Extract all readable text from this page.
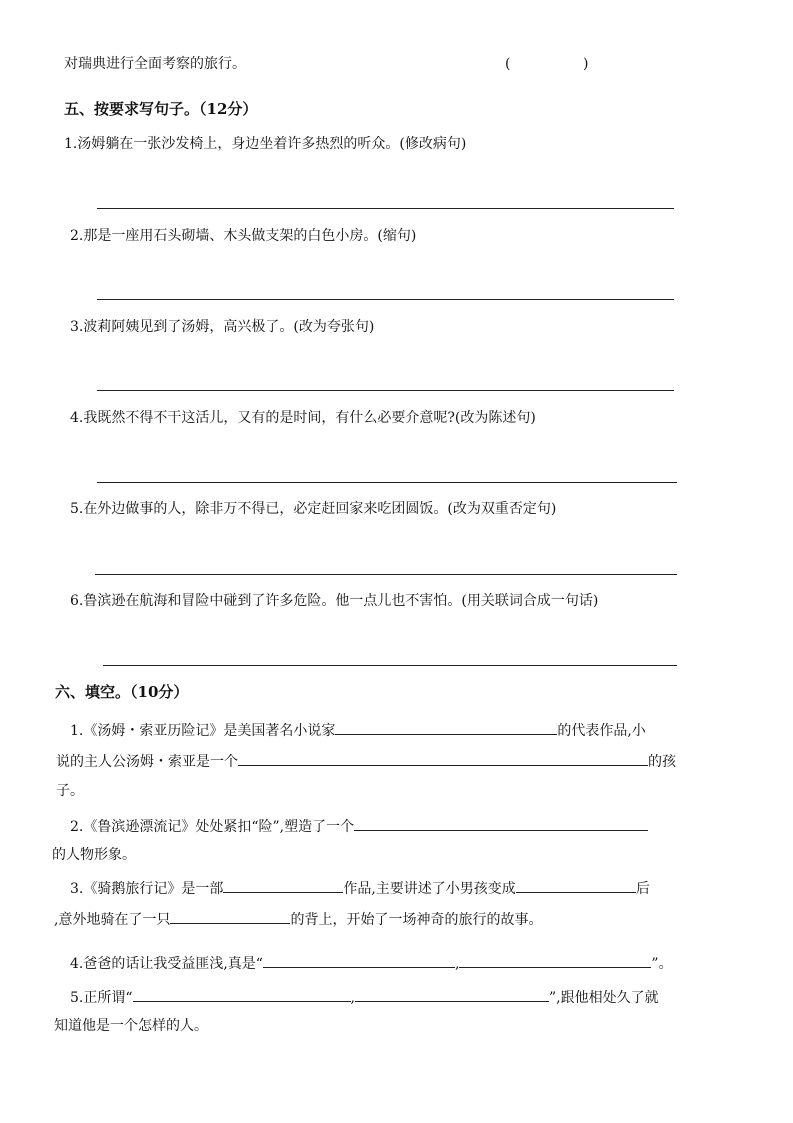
对瑞典进行全面考察的旅行。	(	)
五、按要求写句子。（12分）
1.汤姆躺在一张沙发椅上，身边坐着许多热烈的听众。(修改病句)
2.那是一座用石头砌墙、木头做支架的白色小房。(缩句)
3.波莉阿姨见到了汤姆，高兴极了。(改为夸张句)
4.我既然不得不干这活儿，又有的是时间，有什么必要介意呢?(改为陈述句)
5.在外边做事的人，除非万不得已，必定赶回家来吃团圆饭。(改为双重否定句)
6.鲁滨逊在航海和冒险中碰到了许多危险。他一点儿也不害怕。(用关联词合成一句话)
六、填空。（10分）
1.《汤姆・索亚历险记》是美国著名小说家	的代表作品,小
说的主人公汤姆・索亚是一个	的孩
子。
2.《鲁滨逊漂流记》处处紧扣“险”,塑造了一个
的人物形象。
3.《骑鹅旅行记》是一部	作品,主要讲述了小男孩变成	后
,意外地骑在了一只	的背上，开始了一场神奇的旅行的故事。
4.爸爸的话让我受益匪浅,真是“	,	”。
5.正所谓“	,	”,跟他相处久了就
知道他是一个怎样的人。
